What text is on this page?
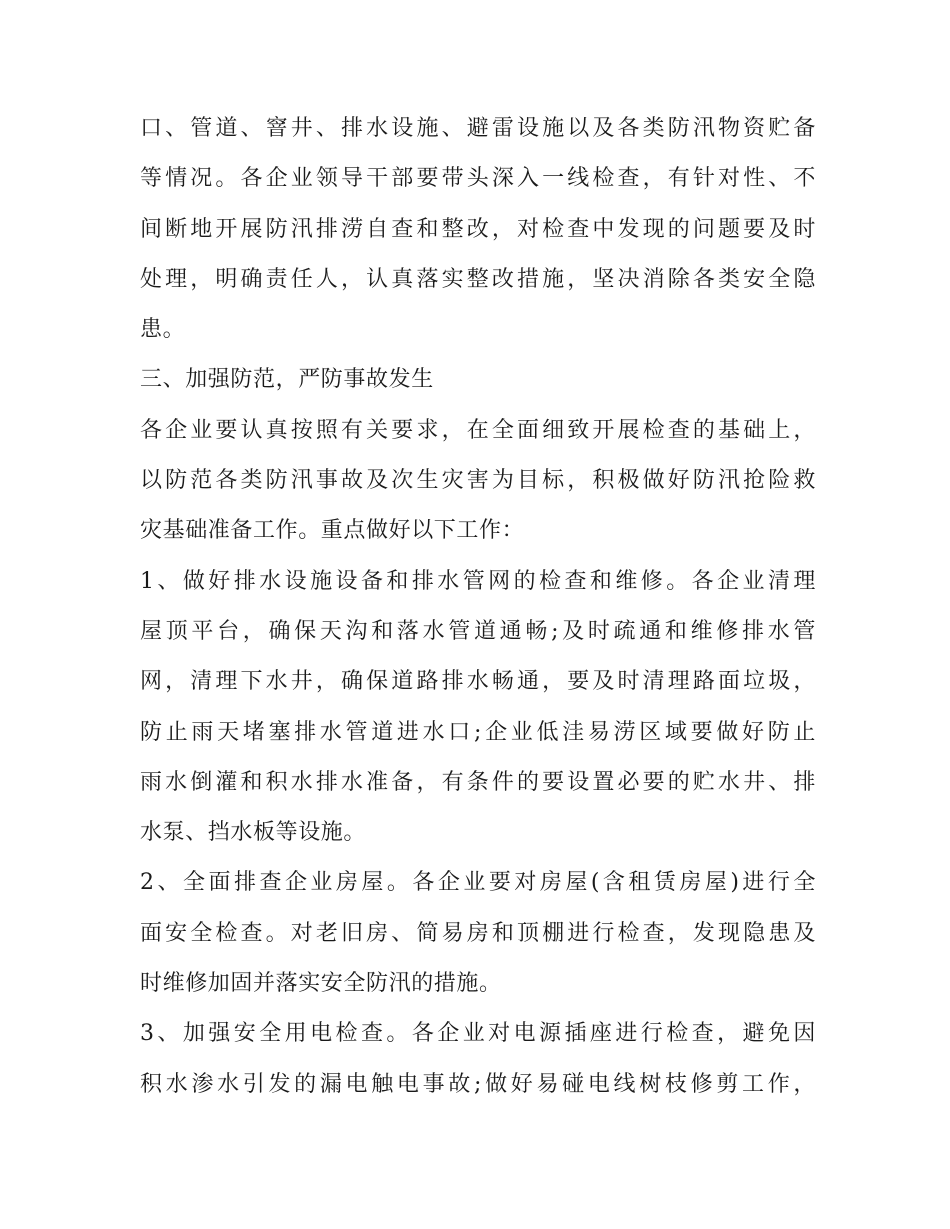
口、管道、窨井、排水设施、避雷设施以及各类防汛物资贮备
等情况。各企业领导干部要带头深入一线检查，有针对性、不
间断地开展防汛排涝自查和整改，对检查中发现的问题要及时
处理，明确责任人，认真落实整改措施，坚决消除各类安全隐
患。
三、加强防范，严防事故发生
各企业要认真按照有关要求，在全面细致开展检查的基础上，
以防范各类防汛事故及次生灾害为目标，积极做好防汛抢险救
灾基础准备工作。重点做好以下工作：
1、做好排水设施设备和排水管网的检查和维修。各企业清理
屋顶平台，确保天沟和落水管道通畅;及时疏通和维修排水管
网，清理下水井，确保道路排水畅通，要及时清理路面垃圾，
防止雨天堵塞排水管道进水口;企业低洼易涝区域要做好防止
雨水倒灌和积水排水准备，有条件的要设置必要的贮水井、排
水泵、挡水板等设施。
2、全面排查企业房屋。各企业要对房屋(含租赁房屋)进行全
面安全检查。对老旧房、简易房和顶棚进行检查，发现隐患及
时维修加固并落实安全防汛的措施。
3、加强安全用电检查。各企业对电源插座进行检查，避免因
积水渗水引发的漏电触电事故;做好易碰电线树枝修剪工作，
